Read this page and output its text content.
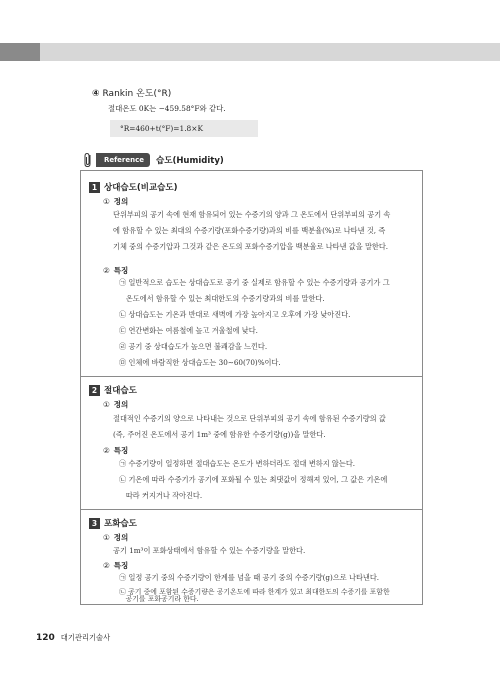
④ Rankin 온도(°R)
절대온도 0K는 −459.58°F와 같다.
°R=460+t(°F)=1.8×K
Reference	습도(Humidity)
1 상대습도(비교습도)
① 정의
단위부피의 공기 속에 현재 함유되어 있는 수증기의 양과 그 온도에서 단위부피의 공기 속
에 함유할 수 있는 최대의 수증기량(포화수증기량)과의 비를 백분율(%)로 나타낸 것, 즉
기체 중의 수증기압과 그것과 같은 온도의 포화수증기압을 백분율로 나타낸 값을 말한다.
② 특징
㉠ 일반적으로 습도는 상대습도로 공기 중 실제로 함유할 수 있는 수증기량과 공기가 그
온도에서 함유할 수 있는 최대한도의 수증기량과의 비를 말한다.
㉡ 상대습도는 기온과 반대로 새벽에 가장 높아지고 오후에 가장 낮아진다.
㉢ 연간변화는 여름철에 높고 겨울철에 낮다.
㉣ 공기 중 상대습도가 높으면 불쾌감을 느낀다.
㉤ 인체에 바람직한 상대습도는 30∼60(70)%이다.
2 절대습도
① 정의
절대적인 수증기의 양으로 나타내는 것으로 단위부피의 공기 속에 함유된 수증기량의 값
(즉, 주어진 온도에서 공기 1m³ 중에 함유한 수증기량(g))을 말한다.
② 특징
㉠ 수증기량이 일정하면 절대습도는 온도가 변하더라도 절대 변하지 않는다.
㉡ 기온에 따라 수증기가 공기에 포화될 수 있는 최댓값이 정해져 있어, 그 값은 기온에
따라 커지거나 작아진다.
3 포화습도
① 정의
공기 1m³이 포화상태에서 함유할 수 있는 수증기량을 말한다.
② 특징
㉠ 일정 공기 중의 수증기량이 한계를 넘을 때 공기 중의 수증기량(g)으로 나타낸다.
㉡ 공기 중에 포함된 수증기량은 공기온도에 따라 한계가 있고 최대한도의 수증기를 포함한
공기를 포화공기라 한다.
120 대기관리기술사
